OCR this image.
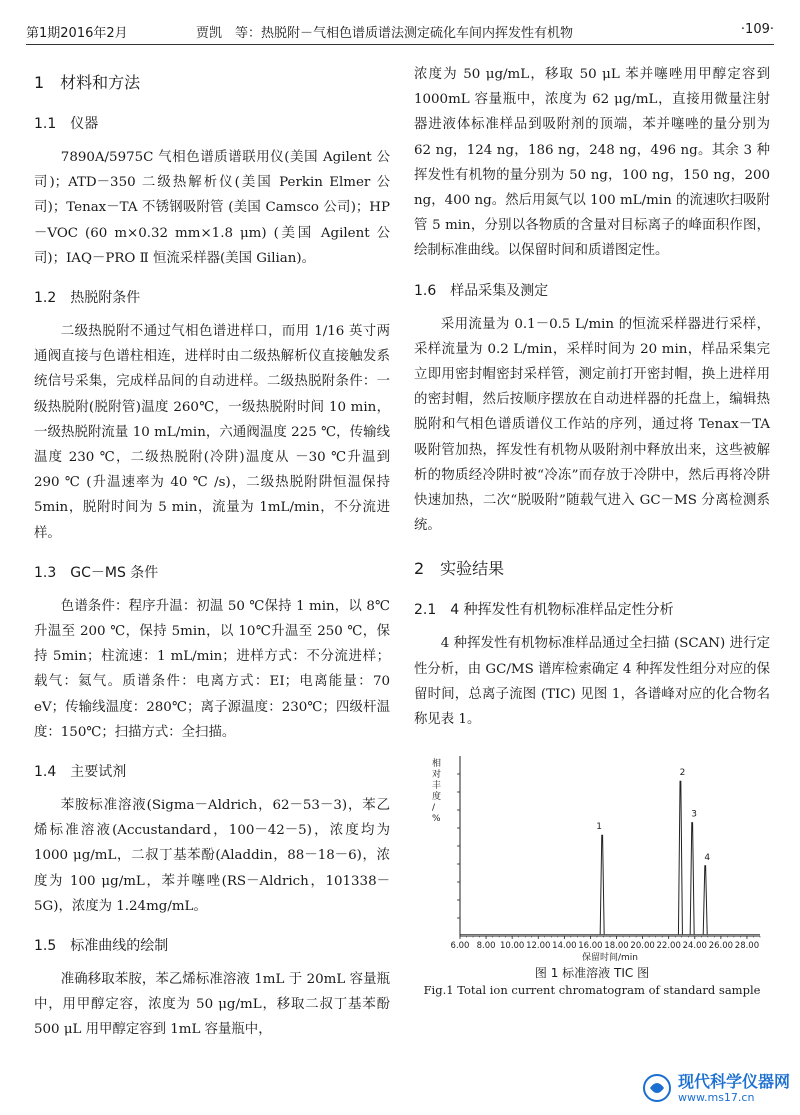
第1期2016年2月	贾凯　等：热脱附－气相色谱质谱法测定硫化车间内挥发性有机物	·109·
1　材料和方法
1.1　仪器

7890A/5975C 气相色谱质谱联用仪(美国 Agilent 公司)；ATD－350 二级热解析仪(美国 Perkin Elmer 公司)；Tenax－TA 不锈钢吸附管 (美国 Camsco 公司)；HP－VOC (60 m×0.32 mm×1.8 μm) (美国 Agilent 公司)；IAQ－PRO Ⅱ 恒流采样器(美国 Gilian)。

1.2　热脱附条件

二级热脱附不通过气相色谱进样口，而用 1/16 英寸两通阀直接与色谱柱相连，进样时由二级热解析仪直接触发系统信号采集，完成样品间的自动进样。二级热脱附条件：一级热脱附(脱附管)温度 260℃，一级热脱附时间 10 min，一级热脱附流量 10 mL/min，六通阀温度 225 ℃，传输线温度 230 ℃，二级热脱附(冷阱)温度从 －30 ℃升温到 290 ℃ (升温速率为 40 ℃ /s)，二级热脱附阱恒温保持 5min，脱附时间为 5 min，流量为 1mL/min，不分流进样。

1.3　GC－MS 条件

色谱条件：程序升温：初温 50 ℃保持 1 min，以 8℃升温至 200 ℃，保持 5min，以 10℃升温至 250 ℃，保持 5min；柱流速：1 mL/min；进样方式：不分流进样；载气：氦气。质谱条件：电离方式：EI；电离能量：70 eV；传输线温度：280℃；离子源温度：230℃；四级杆温度：150℃；扫描方式：全扫描。

1.4　主要试剂

苯胺标准溶液(Sigma－Aldrich，62－53－3)，苯乙烯标准溶液(Accustandard，100－42－5)，浓度均为 1000 μg/mL，二叔丁基苯酚(Aladdin，88－18－6)，浓度为 100 μg/mL，苯并噻唑(RS－Aldrich，101338－5G)，浓度为 1.24mg/mL。

1.5　标准曲线的绘制

准确移取苯胺，苯乙烯标准溶液 1mL 于 20mL 容量瓶中，用甲醇定容，浓度为 50 μg/mL，移取二叔丁基苯酚 500 μL 用甲醇定容到 1mL 容量瓶中，

浓度为 50 μg/mL，移取 50 μL 苯并噻唑用甲醇定容到 1000mL 容量瓶中，浓度为 62 μg/mL，直接用微量注射器进液体标准样品到吸附剂的顶端，苯并噻唑的量分别为 62 ng，124 ng，186 ng，248 ng，496 ng。其余 3 种挥发性有机物的量分别为 50 ng，100 ng，150 ng，200 ng，400 ng。然后用氮气以 100 mL/min 的流速吹扫吸附管 5 min，分别以各物质的含量对目标离子的峰面积作图，绘制标准曲线。以保留时间和质谱图定性。

1.6　样品采集及测定

采用流量为 0.1－0.5 L/min 的恒流采样器进行采样，采样流量为 0.2 L/min，采样时间为 20 min，样品采集完立即用密封帽密封采样管，测定前打开密封帽，换上进样用的密封帽，然后按顺序摆放在自动进样器的托盘上，编辑热脱附和气相色谱质谱仪工作站的序列，通过将 Tenax－TA 吸附管加热，挥发性有机物从吸附剂中释放出来，这些被解析的物质经冷阱时被“冷冻”而存放于冷阱中，然后再将冷阱快速加热，二次“脱吸附”随载气进入 GC－MS 分离检测系统。

2　实验结果
2.1　4 种挥发性有机物标准样品定性分析

4 种挥发性有机物标准样品通过全扫描 (SCAN) 进行定性分析，由 GC/MS 谱库检索确定 4 种挥发性组分对应的保留时间，总离子流图 (TIC) 见图 1，各谱峰对应的化合物名称见表 1。

相对丰度/ %
6.00 8.00 10.00 12.00 14.00 16.00 18.00 20.00 22.00 24.00 26.00 28.00
保留时间/min
1
2
3
4
图 1 标准溶液 TIC 图
Fig.1 Total ion current chromatogram of standard sample
现代科学仪器网
www.ms17.cn
